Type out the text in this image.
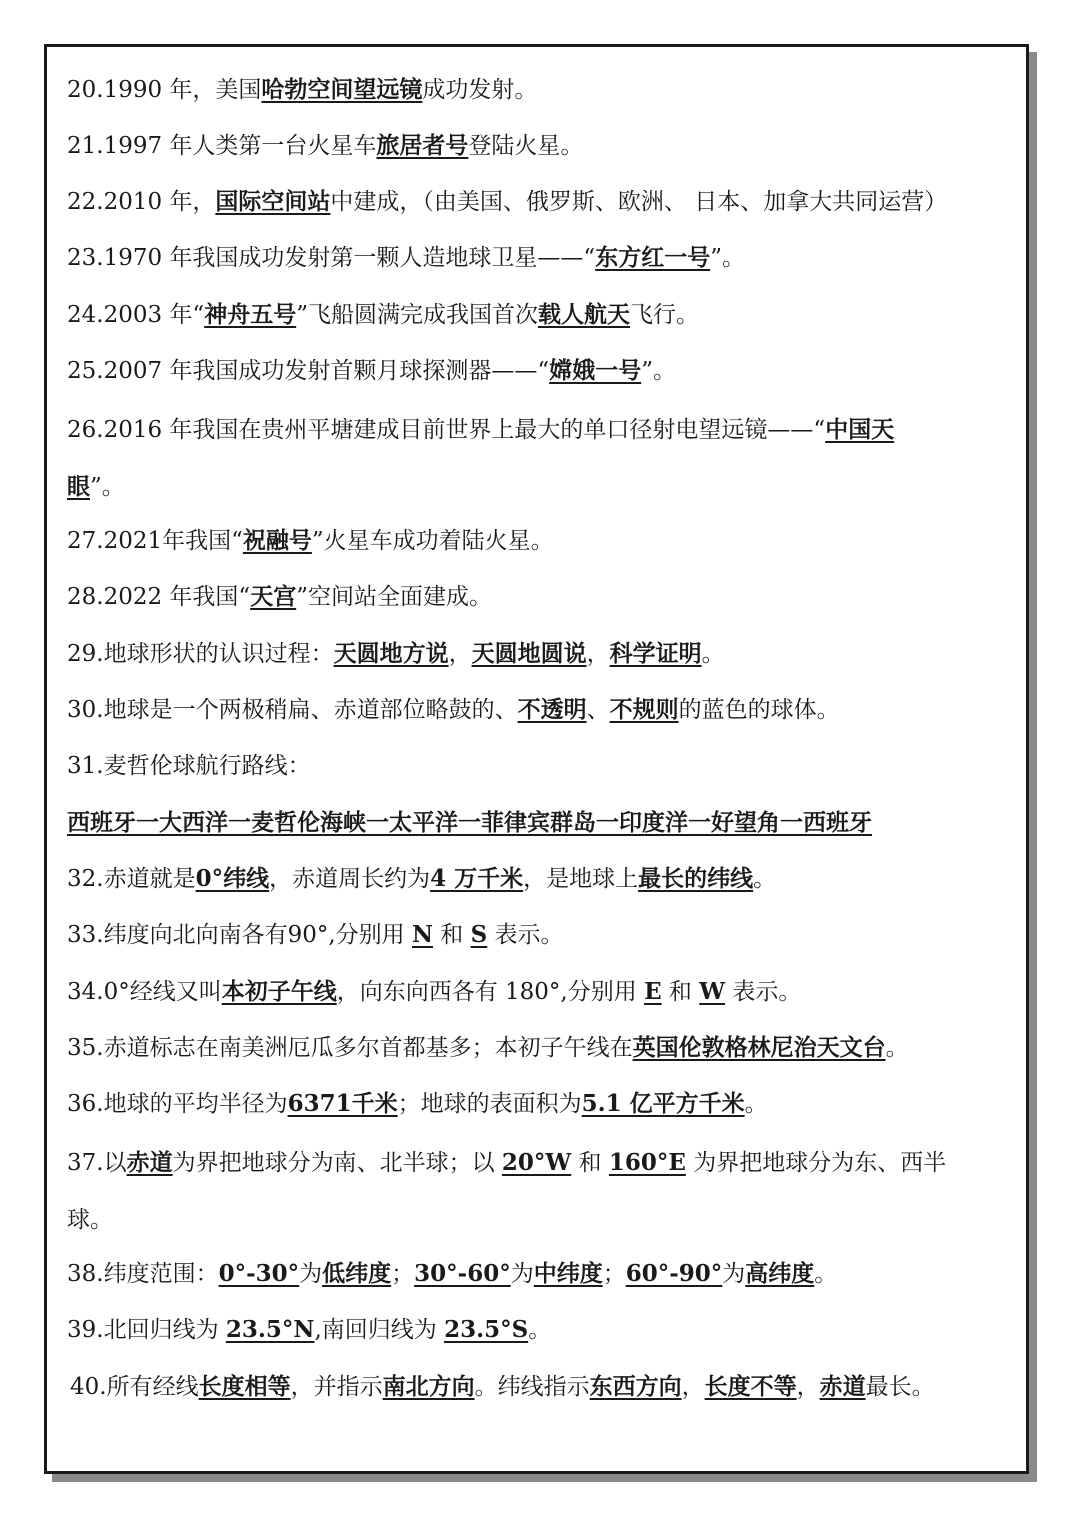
20.1990 年，美国哈勃空间望远镜成功发射。

21.1997 年人类第一台火星车旅居者号登陆火星。

22.2010 年，国际空间站中建成，（由美国、俄罗斯、欧洲、 日本、加拿大共同运营）

23.1970 年我国成功发射第一颗人造地球卫星——“东方红一号”。

24.2003 年“神舟五号”飞船圆满完成我国首次载人航天飞行。

25.2007 年我国成功发射首颗月球探测器——“嫦娥一号”。

26.2016 年我国在贵州平塘建成目前世界上最大的单口径射电望远镜——“中国天

眼”。

27.2021年我国“祝融号”火星车成功着陆火星。

28.2022 年我国“天宫”空间站全面建成。

29.地球形状的认识过程：天圆地方说，天圆地圆说，科学证明。

30.地球是一个两极稍扁、赤道部位略鼓的、不透明、不规则的蓝色的球体。

31.麦哲伦球航行路线：

西班牙一大西洋一麦哲伦海峡一太平洋一菲律宾群岛一印度洋一好望角一西班牙

32.赤道就是0°纬线，赤道周长约为4 万千米，是地球上最长的纬线。

33.纬度向北向南各有90°,分别用 N 和 S 表示。

34.0°经线又叫本初子午线，向东向西各有 180°,分别用 E 和 W 表示。

35.赤道标志在南美洲厄瓜多尔首都基多；本初子午线在英国伦敦格林尼治天文台。

36.地球的平均半径为6371千米；地球的表面积为5.1 亿平方千米。

37.以赤道为界把地球分为南、北半球；以 20°W 和 160°E 为界把地球分为东、西半

球。

38.纬度范围：0°-30°为低纬度；30°-60°为中纬度；60°-90°为高纬度。

39.北回归线为 23.5°N,南回归线为 23.5°S。

40.所有经线长度相等，并指示南北方向。纬线指示东西方向，长度不等，赤道最长。
